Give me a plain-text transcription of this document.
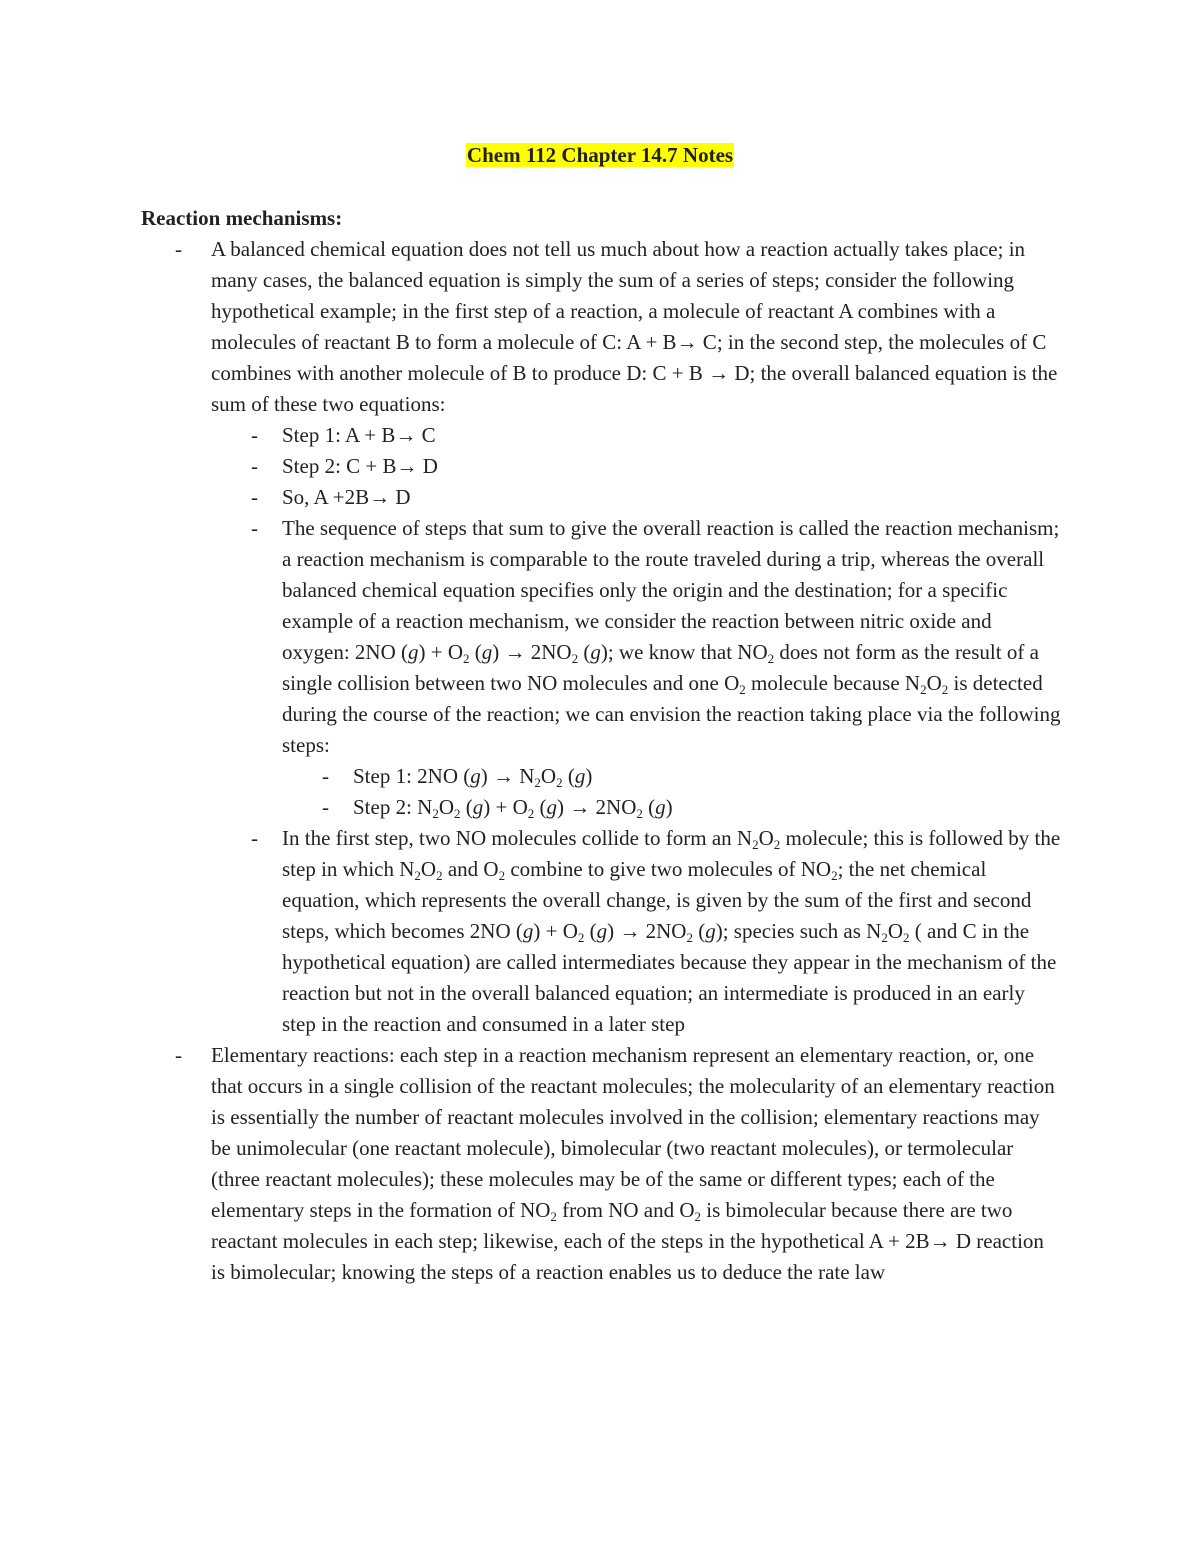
Chem 112 Chapter 14.7 Notes
Reaction mechanisms:
- A balanced chemical equation does not tell us much about how a reaction actually takes place; in many cases, the balanced equation is simply the sum of a series of steps; consider the following hypothetical example; in the first step of a reaction, a molecule of reactant A combines with a molecules of reactant B to form a molecule of C: A + B→ C; in the second step, the molecules of C combines with another molecule of B to produce D: C + B → D; the overall balanced equation is the sum of these two equations:
- Step 1: A + B→ C
- Step 2: C + B→ D
- So, A +2B→ D
- The sequence of steps that sum to give the overall reaction is called the reaction mechanism; a reaction mechanism is comparable to the route traveled during a trip, whereas the overall balanced chemical equation specifies only the origin and the destination; for a specific example of a reaction mechanism, we consider the reaction between nitric oxide and oxygen: 2NO $(g) + O_2$ $(g) \to 2NO_2$ (g); we know that $NO_2$ does not form as the result of a single collision between two NO molecules and one $O_2$ molecule because $N_2O_2$ is detected during the course of the reaction; we can envision the reaction taking place via the following steps:
- Step 1: 2NO $(g) \to N_2O_2$ (g)
- Step 2: $N_2O_2$ $(g) + O_2$ $(g) \to 2NO_2$ (g)
- In the first step, two NO molecules collide to form an $N_2O_2$ molecule; this is followed by the step in which $N_2O_2$ and $O_2$ combine to give two molecules of $NO_2$; the net chemical equation, which represents the overall change, is given by the sum of the first and second steps, which becomes 2NO $(g) + O_2$ $(g) \to 2NO_2$ (g); species such as $N_2O_2$ ( and C in the hypothetical equation) are called intermediates because they appear in the mechanism of the reaction but not in the overall balanced equation; an intermediate is produced in an early step in the reaction and consumed in a later step
- Elementary reactions: each step in a reaction mechanism represent an elementary reaction, or, one that occurs in a single collision of the reactant molecules; the molecularity of an elementary reaction is essentially the number of reactant molecules involved in the collision; elementary reactions may be unimolecular (one reactant molecule), bimolecular (two reactant molecules), or termolecular (three reactant molecules); these molecules may be of the same or different types; each of the elementary steps in the formation of $NO_2$ from NO and $O_2$ is bimolecular because there are two reactant molecules in each step; likewise, each of the steps in the hypothetical A + 2B→ D reaction is bimolecular; knowing the steps of a reaction enables us to deduce the rate law
